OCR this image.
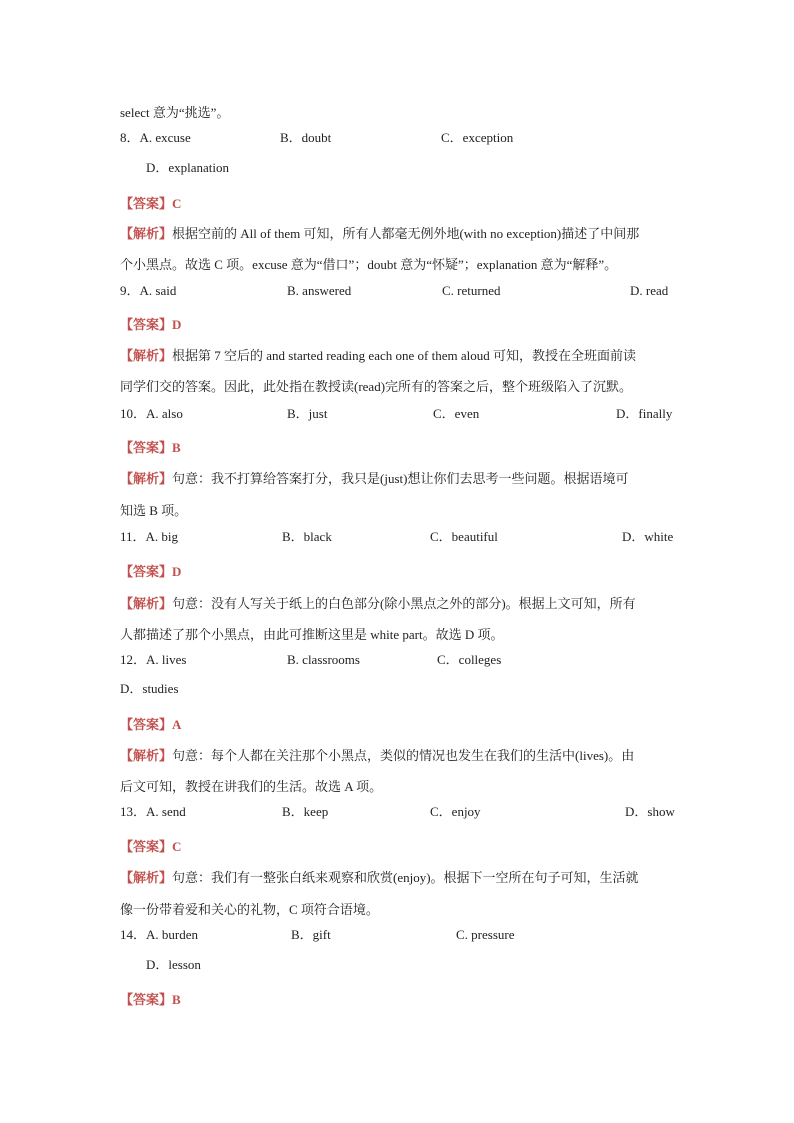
select 意为“挑选”。
8．A. excuse	B．doubt	C．exception
D．explanation
【答案】C
【解析】根据空前的 All of them 可知，所有人都毫无例外地(with no exception)描述了中间那
个小黑点。故选 C 项。excuse 意为“借口”；doubt 意为“怀疑”；explanation 意为“解释”。
9．A. said	B. answered	C. returned	D. read
【答案】D
【解析】根据第 7 空后的 and started reading each one of them aloud 可知，教授在全班面前读
同学们交的答案。因此，此处指在教授读(read)完所有的答案之后，整个班级陷入了沉默。
10．A. also	B．just	C．even	D．finally
【答案】B
【解析】句意：我不打算给答案打分，我只是(just)想让你们去思考一些问题。根据语境可
知选 B 项。
11．A. big	B．black	C．beautiful	D．white
【答案】D
【解析】句意：没有人写关于纸上的白色部分(除小黑点之外的部分)。根据上文可知，所有
人都描述了那个小黑点，由此可推断这里是 white part。故选 D 项。
12．A. lives	B. classrooms	C．colleges
D．studies
【答案】A
【解析】句意：每个人都在关注那个小黑点，类似的情况也发生在我们的生活中(lives)。由
后文可知，教授在讲我们的生活。故选 A 项。
13．A. send	B．keep	C．enjoy	D．show
【答案】C
【解析】句意：我们有一整张白纸来观察和欣赏(enjoy)。根据下一空所在句子可知，生活就
像一份带着爱和关心的礼物，C 项符合语境。
14．A. burden	B．gift	C. pressure
D．lesson
【答案】B
